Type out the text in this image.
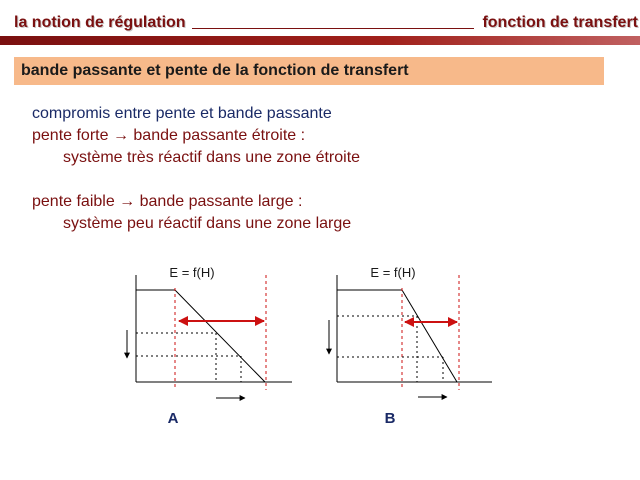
la notion de régulation	fonction de transfert
bande passante et pente de la fonction de transfert
compromis entre pente et bande passante
pente forte → bande passante étroite :
système très réactif dans une zone étroite
pente faible → bande passante large :
système peu réactif dans une zone large
E = f(H)
A
E = f(H)
B
